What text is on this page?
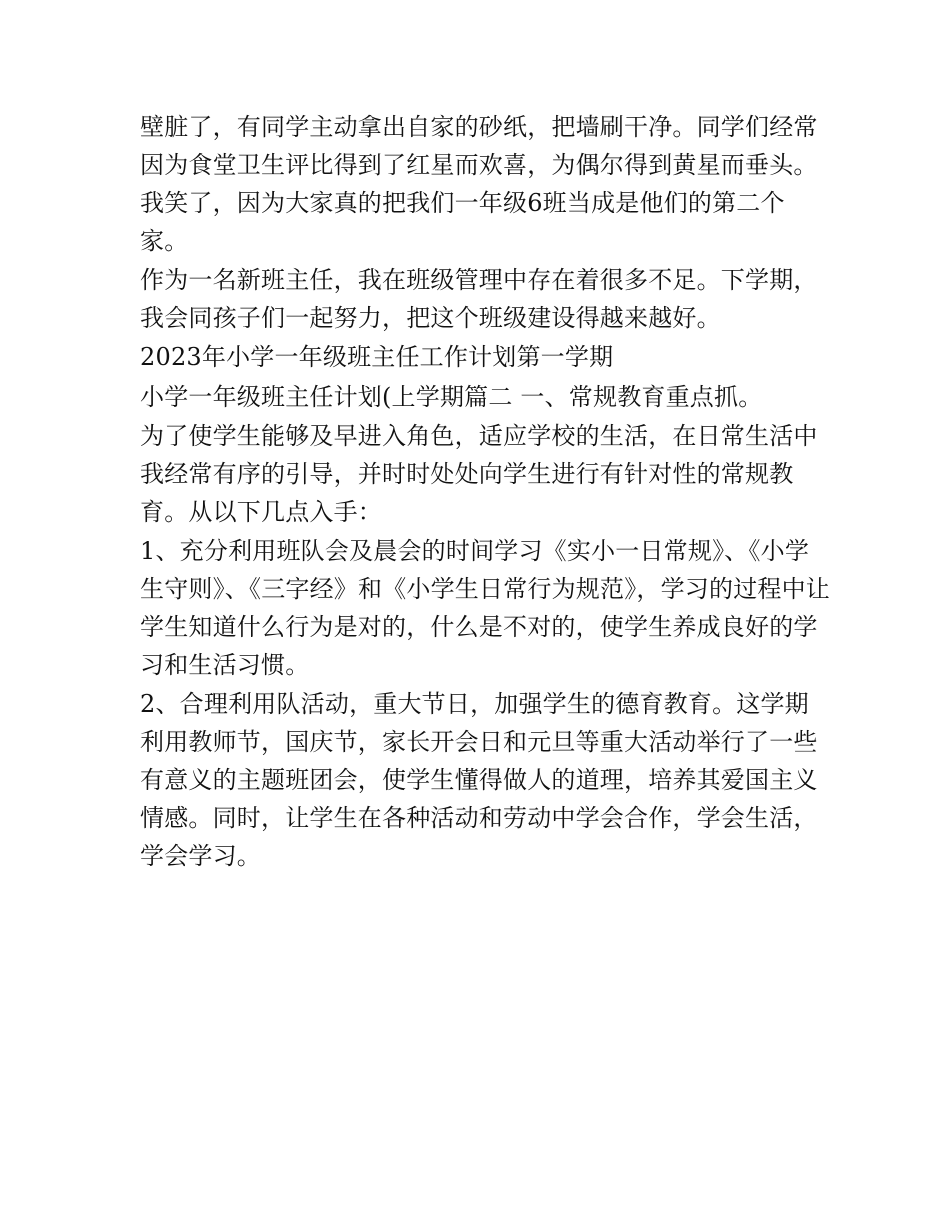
壁脏了，有同学主动拿出自家的砂纸，把墙刷干净。同学们经常因为食堂卫生评比得到了红星而欢喜，为偶尔得到黄星而垂头。我笑了，因为大家真的把我们一年级6班当成是他们的第二个家。

作为一名新班主任，我在班级管理中存在着很多不足。下学期，我会同孩子们一起努力，把这个班级建设得越来越好。

2023年小学一年级班主任工作计划第一学期

小学一年级班主任计划(上学期篇二 一、常规教育重点抓。

为了使学生能够及早进入角色，适应学校的生活，在日常生活中我经常有序的引导，并时时处处向学生进行有针对性的常规教育。从以下几点入手：

1、充分利用班队会及晨会的时间学习《实小一日常规》、《小学生守则》、《三字经》和《小学生日常行为规范》，学习的过程中让学生知道什么行为是对的，什么是不对的，使学生养成良好的学习和生活习惯。

2、合理利用队活动，重大节日，加强学生的德育教育。这学期利用教师节，国庆节，家长开会日和元旦等重大活动举行了一些有意义的主题班团会，使学生懂得做人的道理，培养其爱国主义情感。同时，让学生在各种活动和劳动中学会合作，学会生活，学会学习。
